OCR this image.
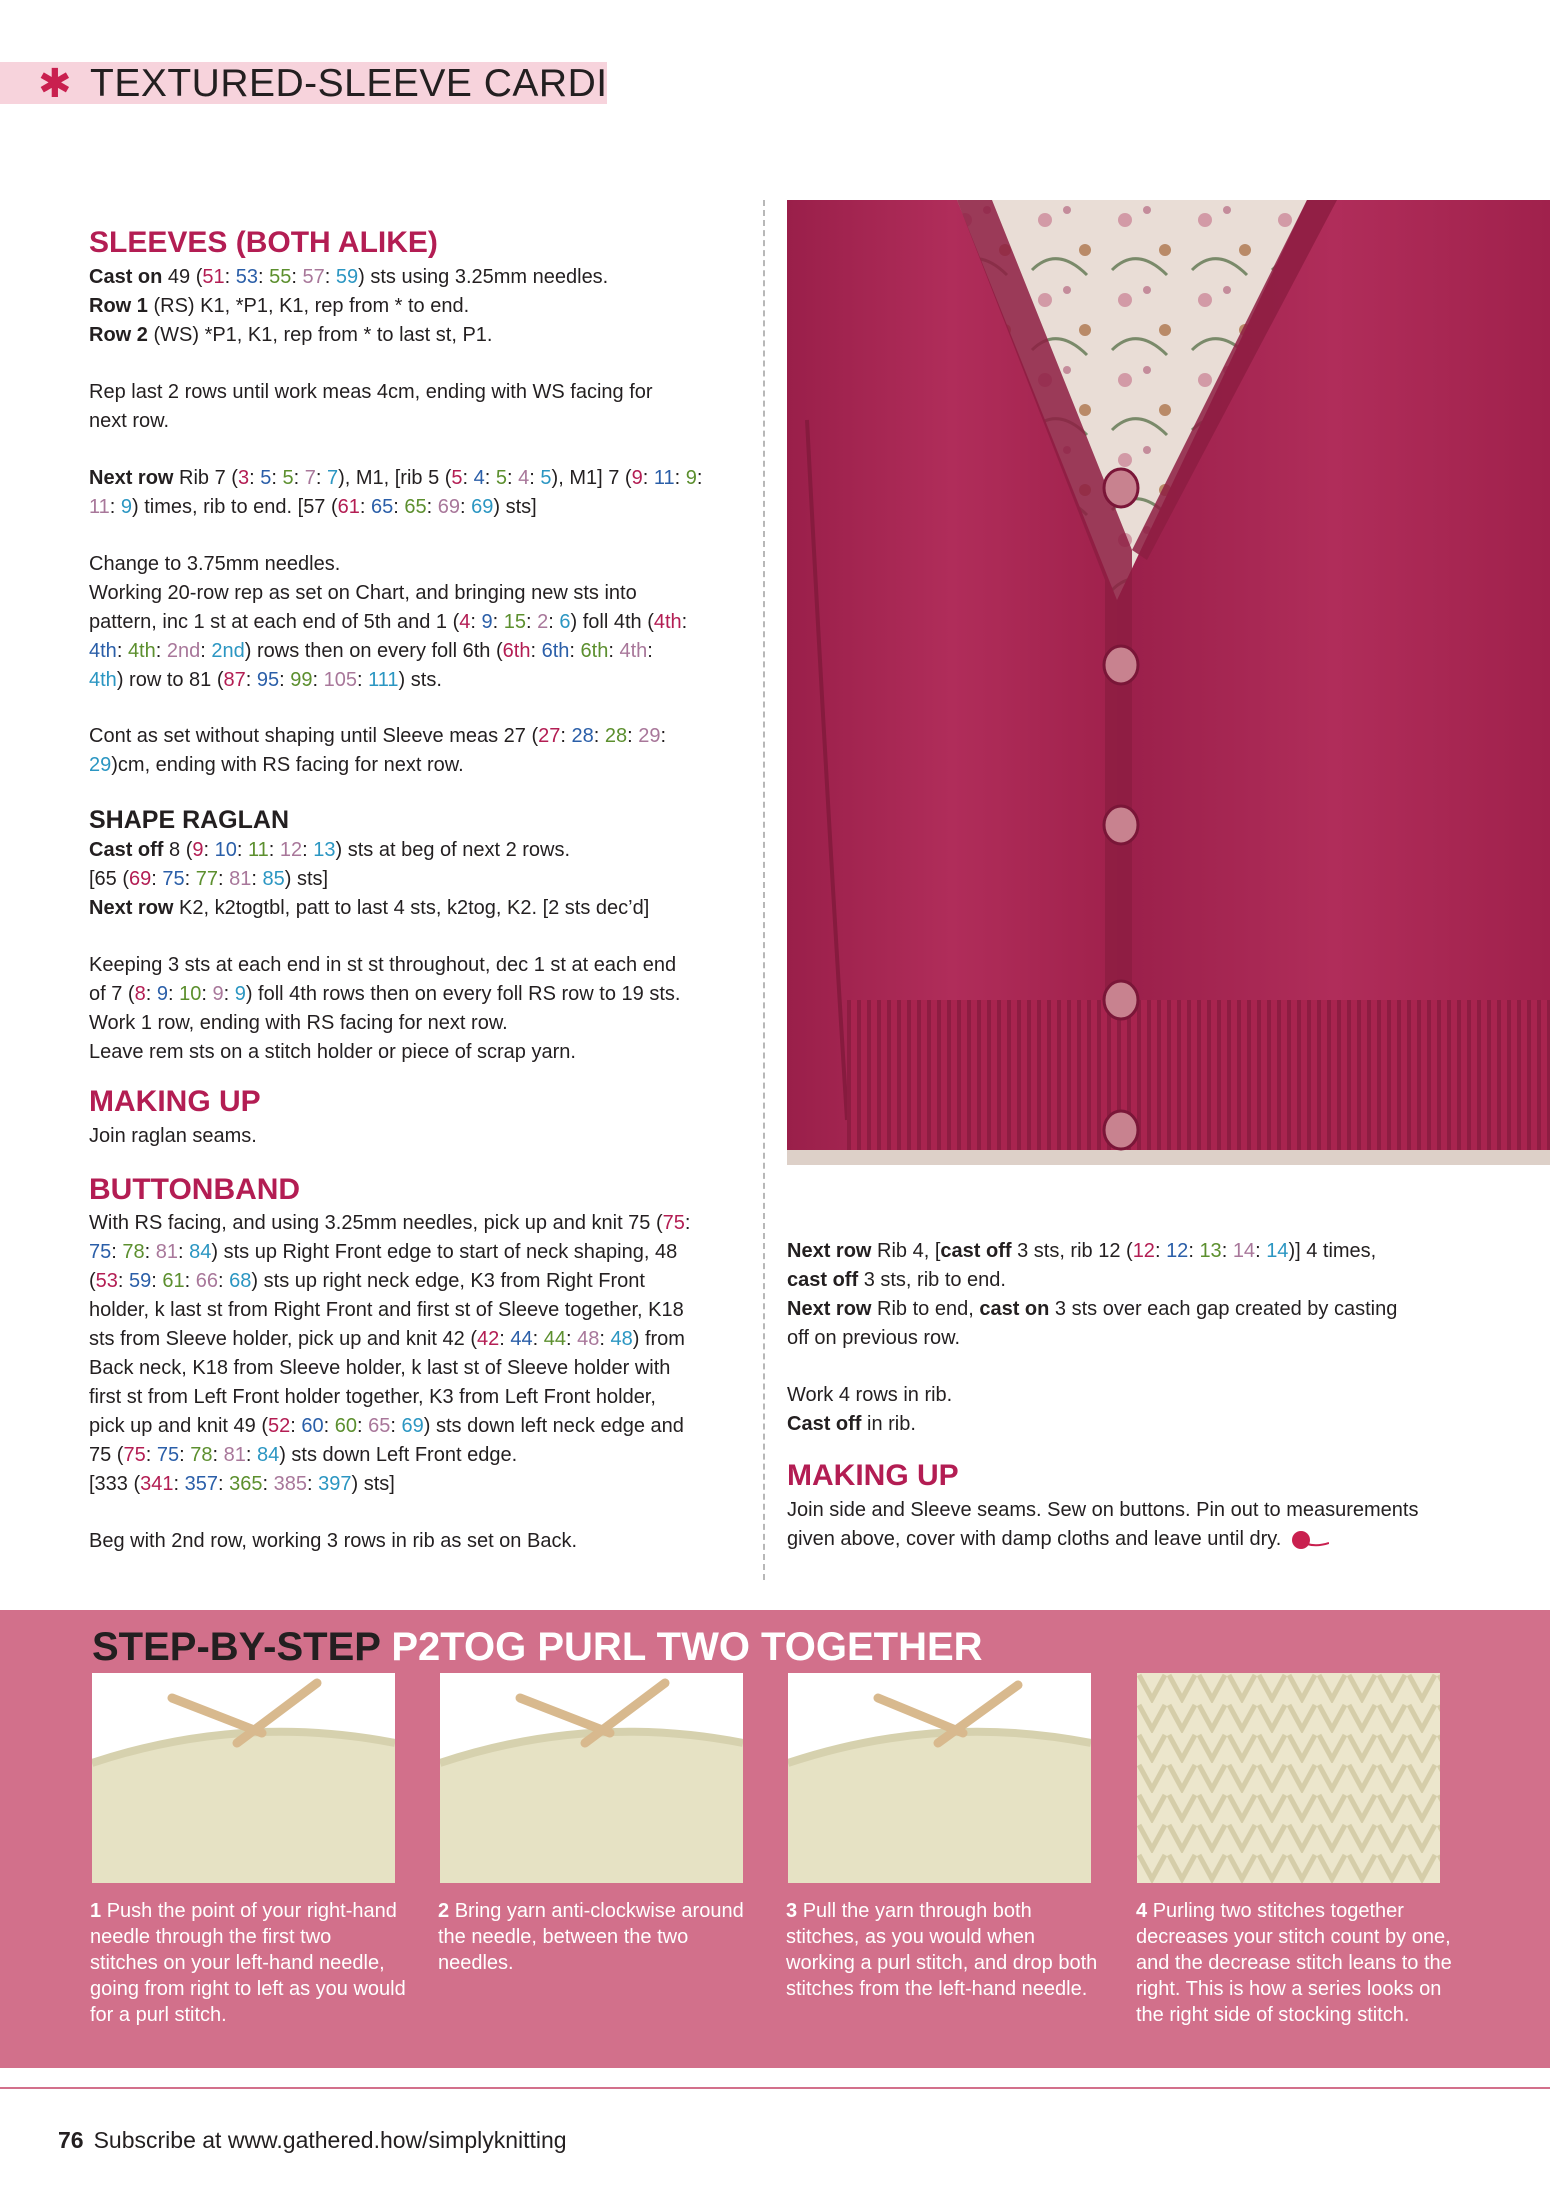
✱ TEXTURED-SLEEVE CARDI
SLEEVES (BOTH ALIKE)
Cast on 49 (51: 53: 55: 57: 59) sts using 3.25mm needles.
Row 1 (RS) K1, *P1, K1, rep from * to end.
Row 2 (WS) *P1, K1, rep from * to last st, P1.
Rep last 2 rows until work meas 4cm, ending with WS facing for
next row.
Next row Rib 7 (3: 5: 5: 7: 7), M1, [rib 5 (5: 4: 5: 4: 5), M1] 7 (9: 11: 9:
11: 9) times, rib to end. [57 (61: 65: 65: 69: 69) sts]
Change to 3.75mm needles.
Working 20-row rep as set on Chart, and bringing new sts into
pattern, inc 1 st at each end of 5th and 1 (4: 9: 15: 2: 6) foll 4th (4th:
4th: 4th: 2nd: 2nd) rows then on every foll 6th (6th: 6th: 6th: 4th:
4th) row to 81 (87: 95: 99: 105: 111) sts.
Cont as set without shaping until Sleeve meas 27 (27: 28: 28: 29:
29)cm, ending with RS facing for next row.
SHAPE RAGLAN
Cast off 8 (9: 10: 11: 12: 13) sts at beg of next 2 rows.
[65 (69: 75: 77: 81: 85) sts]
Next row K2, k2togtbl, patt to last 4 sts, k2tog, K2. [2 sts dec’d]
Keeping 3 sts at each end in st st throughout, dec 1 st at each end
of 7 (8: 9: 10: 9: 9) foll 4th rows then on every foll RS row to 19 sts.
Work 1 row, ending with RS facing for next row.
Leave rem sts on a stitch holder or piece of scrap yarn.
MAKING UP
Join raglan seams.
BUTTONBAND
With RS facing, and using 3.25mm needles, pick up and knit 75 (75:
75: 78: 81: 84) sts up Right Front edge to start of neck shaping, 48
(53: 59: 61: 66: 68) sts up right neck edge, K3 from Right Front
holder, k last st from Right Front and first st of Sleeve together, K18
sts from Sleeve holder, pick up and knit 42 (42: 44: 44: 48: 48) from
Back neck, K18 from Sleeve holder, k last st of Sleeve holder with
first st from Left Front holder together, K3 from Left Front holder,
pick up and knit 49 (52: 60: 60: 65: 69) sts down left neck edge and
75 (75: 75: 78: 81: 84) sts down Left Front edge.
[333 (341: 357: 365: 385: 397) sts]
Beg with 2nd row, working 3 rows in rib as set on Back.
Next row Rib 4, [cast off 3 sts, rib 12 (12: 12: 13: 14: 14)] 4 times,
cast off 3 sts, rib to end.
Next row Rib to end, cast on 3 sts over each gap created by casting
off on previous row.
Work 4 rows in rib.
Cast off in rib.
MAKING UP
Join side and Sleeve seams. Sew on buttons. Pin out to measurements
given above, cover with damp cloths and leave until dry.
STEP-BY-STEP P2TOG PURL TWO TOGETHER
1 Push the point of your right-hand
needle through the first two
stitches on your left-hand needle,
going from right to left as you would
for a purl stitch.
2 Bring yarn anti-clockwise around
the needle, between the two
needles.
3 Pull the yarn through both
stitches, as you would when
working a purl stitch, and drop both
stitches from the left-hand needle.
4 Purling two stitches together
decreases your stitch count by one,
and the decrease stitch leans to the
right. This is how a series looks on
the right side of stocking stitch.
76 Subscribe at www.gathered.how/simplyknitting
